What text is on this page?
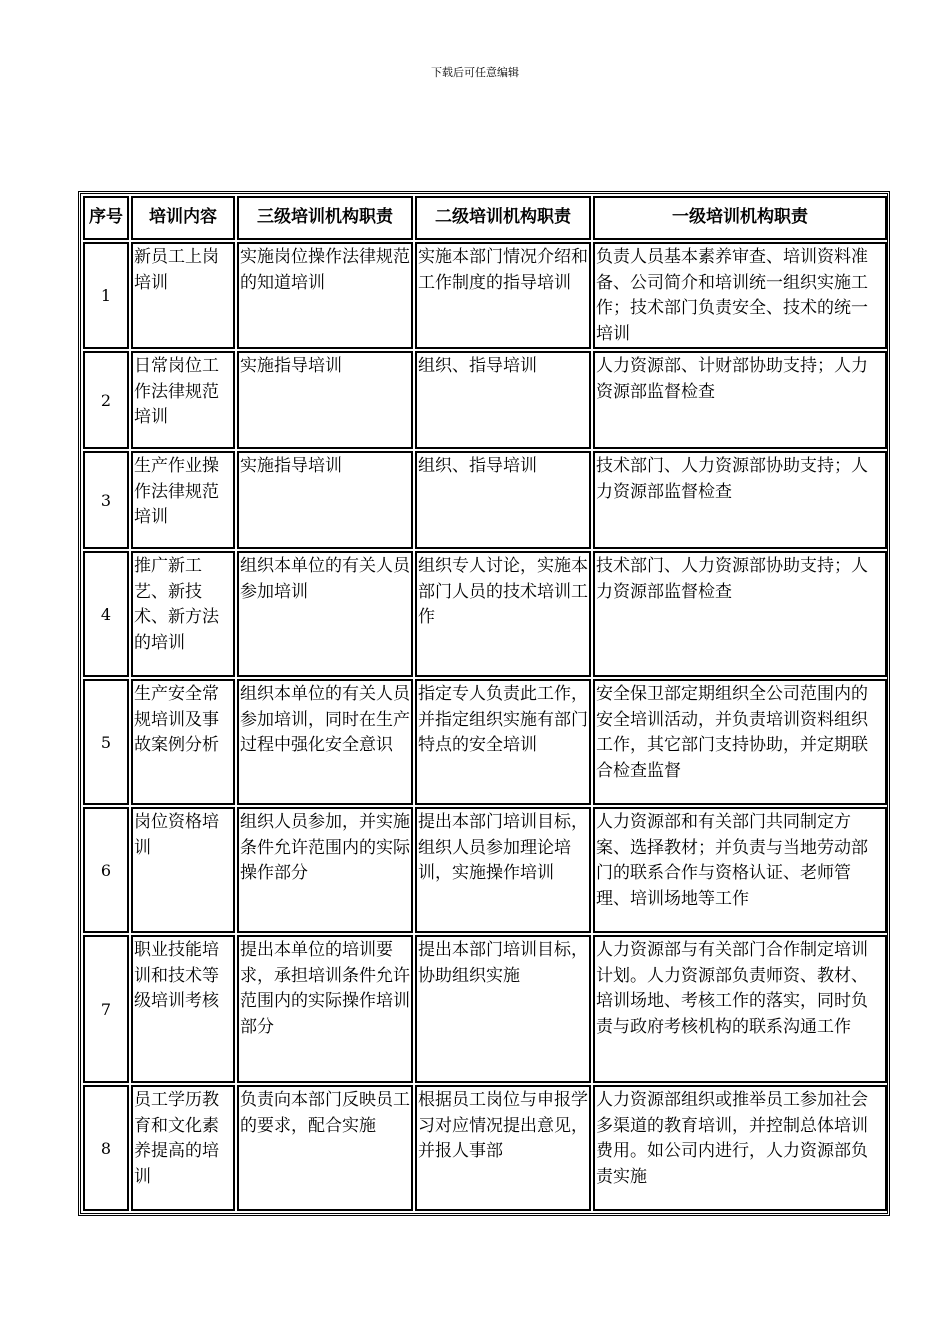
下载后可任意编辑
序号	培训内容	三级培训机构职责	二级培训机构职责	一级培训机构职责
1	新员工上岗培训	实施岗位操作法律规范的知道培训	实施本部门情况介绍和工作制度的指导培训	负责人员基本素养审查、培训资料准备、公司简介和培训统一组织实施工作；技术部门负责安全、技术的统一培训
2	日常岗位工作法律规范培训	实施指导培训	组织、指导培训	人力资源部、计财部协助支持；人力资源部监督检查
3	生产作业操作法律规范培训	实施指导培训	组织、指导培训	技术部门、人力资源部协助支持；人力资源部监督检查
4	推广新工艺、新技术、新方法的培训	组织本单位的有关人员参加培训	组织专人讨论，实施本部门人员的技术培训工作	技术部门、人力资源部协助支持；人力资源部监督检查
5	生产安全常规培训及事故案例分析	组织本单位的有关人员参加培训，同时在生产过程中强化安全意识	指定专人负责此工作，并指定组织实施有部门特点的安全培训	安全保卫部定期组织全公司范围内的安全培训活动，并负责培训资料组织工作，其它部门支持协助，并定期联合检查监督
6	岗位资格培训	组织人员参加，并实施条件允许范围内的实际操作部分	提出本部门培训目标，组织人员参加理论培训，实施操作培训	人力资源部和有关部门共同制定方案、选择教材；并负责与当地劳动部门的联系合作与资格认证、老师管理、培训场地等工作
7	职业技能培训和技术等级培训考核	提出本单位的培训要求，承担培训条件允许范围内的实际操作培训部分	提出本部门培训目标，协助组织实施	人力资源部与有关部门合作制定培训计划。人力资源部负责师资、教材、培训场地、考核工作的落实，同时负责与政府考核机构的联系沟通工作
8	员工学历教育和文化素养提高的培训	负责向本部门反映员工的要求，配合实施	根据员工岗位与申报学习对应情况提出意见，并报人事部	人力资源部组织或推举员工参加社会多渠道的教育培训，并控制总体培训费用。如公司内进行，人力资源部负责实施
